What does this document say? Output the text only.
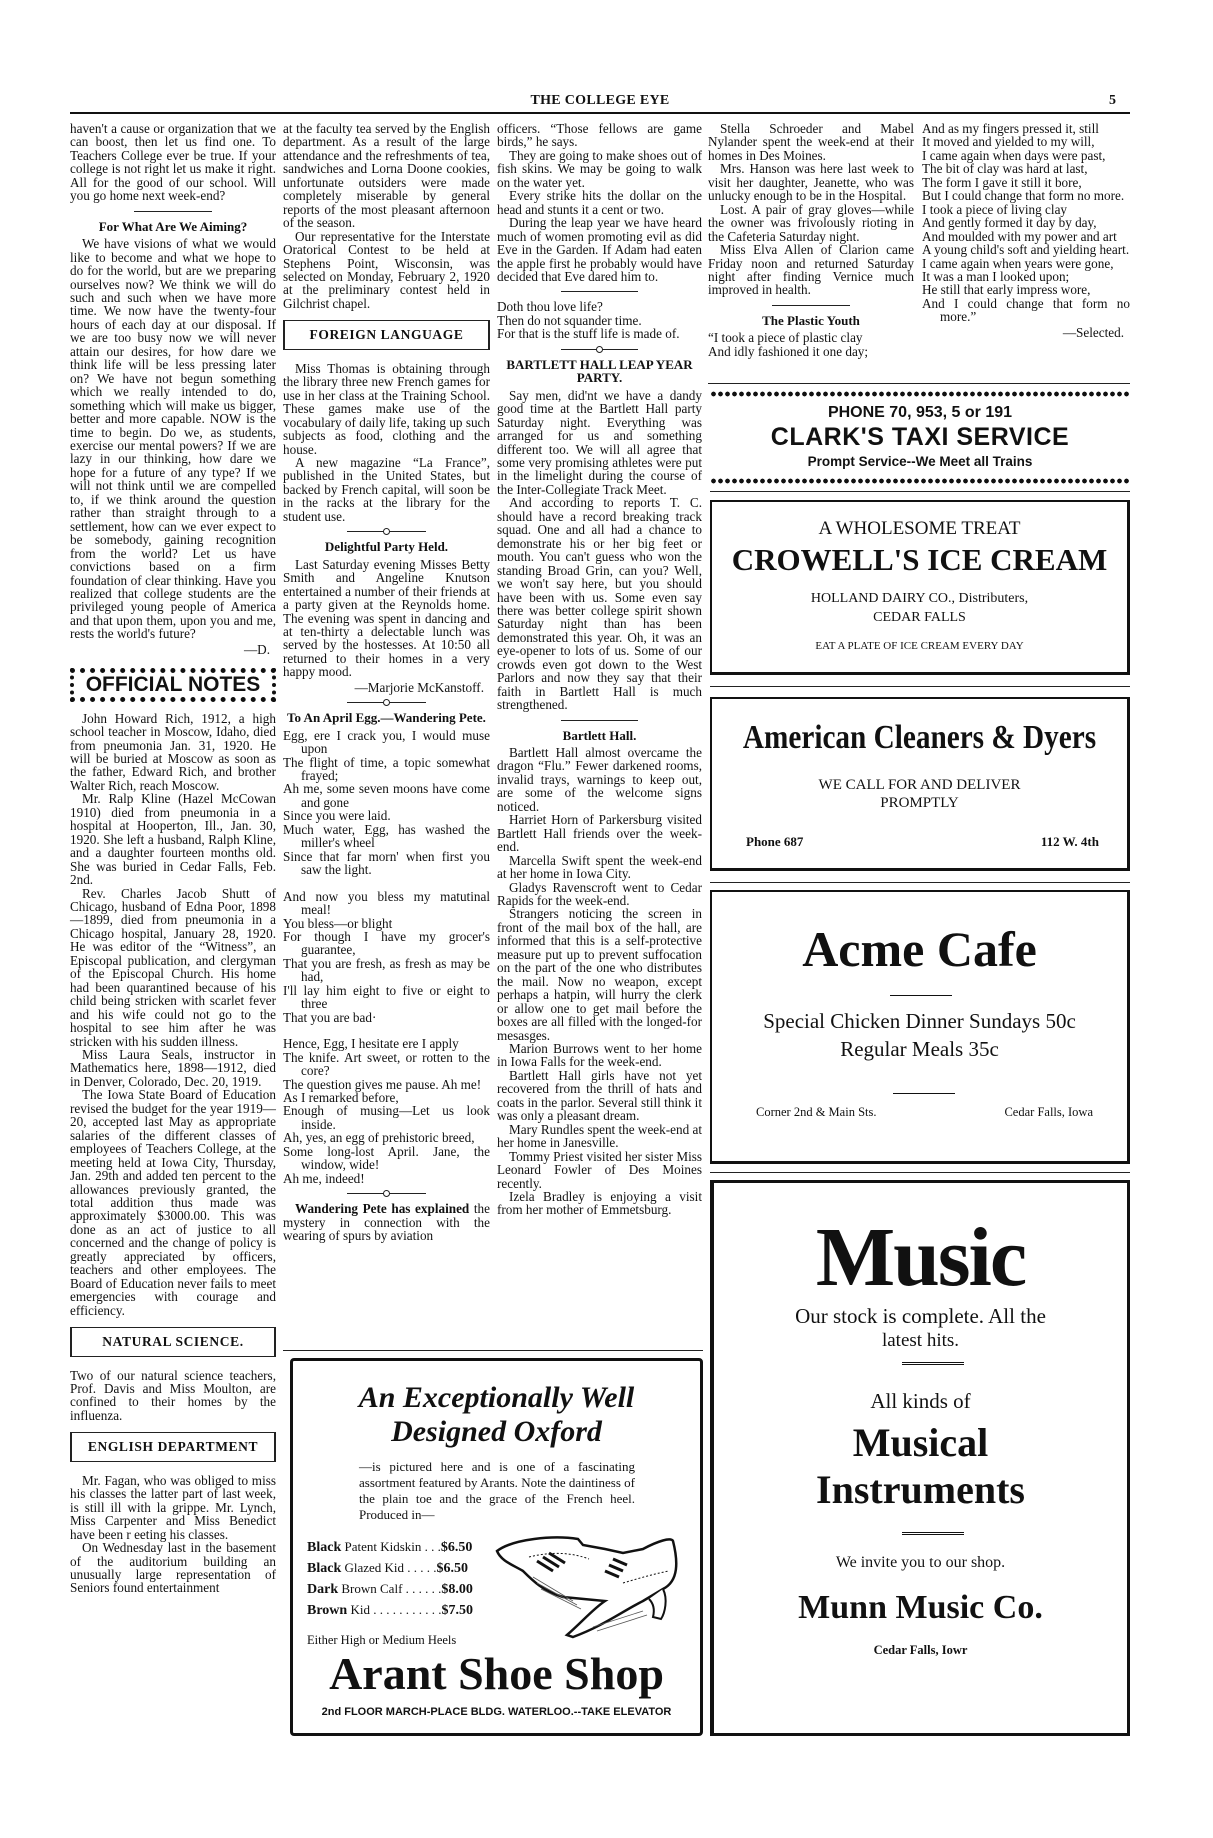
THE COLLEGE EYE	5

haven't a cause or organization that we can boost, then let us find one. To Teachers College ever be true. If your college is not right let us make it right. All for the good of our school. Will you go home next week-end?

For What Are We Aiming?

We have visions of what we would like to become and what we hope to do for the world, but are we preparing ourselves now? We think we will do such and such when we have more time. We now have the twenty-four hours of each day at our disposal. If we are too busy now we will never attain our desires, for how dare we think life will be less pressing later on? We have not begun something which we really intended to do, something which will make us bigger, better and more capable. NOW is the time to begin. Do we, as students, exercise our mental powers? If we are lazy in our thinking, how dare we hope for a future of any type? If we will not think until we are compelled to, if we think around the question rather than straight through to a settlement, how can we ever expect to be somebody, gaining recognition from the world? Let us have convictions based on a firm foundation of clear thinking. Have you realized that college students are the privileged young people of America and that upon them, upon you and me, rests the world's future?

—D.
OFFICIAL NOTES

John Howard Rich, 1912, a high school teacher in Moscow, Idaho, died from pneumonia Jan. 31, 1920. He will be buried at Moscow as soon as the father, Edward Rich, and brother Walter Rich, reach Moscow.

Mr. Ralp Kline (Hazel McCowan 1910) died from pneumonia in a hospital at Hooperton, Ill., Jan. 30, 1920. She left a husband, Ralph Kline, and a daughter fourteen months old. She was buried in Cedar Falls, Feb. 2nd.

Rev. Charles Jacob Shutt of Chicago, husband of Edna Poor, 1898—1899, died from pneumonia in a Chicago hospital, January 28, 1920. He was editor of the “Witness”, an Episcopal publication, and clergyman of the Episcopal Church. His home had been quarantined because of his child being stricken with scarlet fever and his wife could not go to the hospital to see him after he was stricken with his sudden illness.

Miss Laura Seals, instructor in Mathematics here, 1898—1912, died in Denver, Colorado, Dec. 20, 1919.

The Iowa State Board of Education revised the budget for the year 1919—20, accepted last May as appropriate salaries of the different classes of employees of Teachers College, at the meeting held at Iowa City, Thursday, Jan. 29th and added ten percent to the allowances previously granted, the total addition thus made was approximately $3000.00. This was done as an act of justice to all concerned and the change of policy is greatly appreciated by officers, teachers and other employees. The Board of Education never fails to meet emergencies with courage and efficiency.

NATURAL SCIENCE.

Two of our natural science teachers, Prof. Davis and Miss Moulton, are confined to their homes by the influenza.

ENGLISH DEPARTMENT

Mr. Fagan, who was obliged to miss his classes the latter part of last week, is still ill with la grippe. Mr. Lynch, Miss Carpenter and Miss Benedict have been r eeting his classes.

On Wednesday last in the basement of the auditorium building an unusually large representation of Seniors found entertainment

at the faculty tea served by the English department. As a result of the large attendance and the refreshments of tea, sandwiches and Lorna Doone cookies, unfortunate outsiders were made completely miserable by general reports of the most pleasant afternoon of the season.

Our representative for the Interstate Oratorical Contest to be held at Stephens Point, Wisconsin, was selected on Monday, February 2, 1920 at the preliminary contest held in Gilchrist chapel.

FOREIGN LANGUAGE

Miss Thomas is obtaining through the library three new French games for use in her class at the Training School. These games make use of the vocabulary of daily life, taking up such subjects as food, clothing and the house.

A new magazine “La France”, published in the United States, but backed by French capital, will soon be in the racks at the library for the student use.

Delightful Party Held.

Last Saturday evening Misses Betty Smith and Angeline Knutson entertained a number of their friends at a party given at the Reynolds home. The evening was spent in dancing and at ten-thirty a delectable lunch was served by the hostesses. At 10:50 all returned to their homes in a very happy mood.

—Marjorie McKanstoff.
To An April Egg.—Wandering Pete.
Egg, ere I crack you, I would muse upon
The flight of time, a topic somewhat frayed;
Ah me, some seven moons have come and gone
Since you were laid.
Much water, Egg, has washed the miller's wheel
Since that far morn' when first you saw the light.
And now you bless my matutinal meal!
You bless—or blight
For though I have my grocer's guarantee,
That you are fresh, as fresh as may be had,
I'll lay him eight to five or eight to three
That you are bad·
Hence, Egg, I hesitate ere I apply
The knife. Art sweet, or rotten to the core?
The question gives me pause. Ah me!
As I remarked before,
Enough of musing—Let us look inside.
Ah, yes, an egg of prehistoric breed,
Some long-lost April. Jane, the window, wide!
Ah me, indeed!

Wandering Pete has explained the mystery in connection with the wearing of spurs by aviation

officers. “Those fellows are game birds,” he says.

They are going to make shoes out of fish skins. We may be going to walk on the water yet.

Every strike hits the dollar on the head and stunts it a cent or two.

During the leap year we have heard much of women promoting evil as did Eve in the Garden. If Adam had eaten the apple first he probably would have decided that Eve dared him to.

Doth thou love life?
Then do not squander time.
For that is the stuff life is made of.
BARTLETT HALL LEAP YEAR PARTY.

Say men, did'nt we have a dandy good time at the Bartlett Hall party Saturday night. Everything was arranged for us and something different too. We will all agree that some very promising athletes were put in the limelight during the course of the Inter-Collegiate Track Meet.

And according to reports T. C. should have a record breaking track squad. One and all had a chance to demonstrate his or her big feet or mouth. You can't guess who won the standing Broad Grin, can you? Well, we won't say here, but you should have been with us. Some even say there was better college spirit shown Saturday night than has been demonstrated this year. Oh, it was an eye-opener to lots of us. Some of our crowds even got down to the West Parlors and now they say that their faith in Bartlett Hall is much strengthened.

Bartlett Hall.

Bartlett Hall almost overcame the dragon “Flu.” Fewer darkened rooms, invalid trays, warnings to keep out, are some of the welcome signs noticed.

Harriet Horn of Parkersburg visited Bartlett Hall friends over the week-end.

Marcella Swift spent the week-end at her home in Iowa City.

Gladys Ravenscroft went to Cedar Rapids for the week-end.

Strangers noticing the screen in front of the mail box of the hall, are informed that this is a self-protective measure put up to prevent suffocation on the part of the one who distributes the mail. Now no weapon, except perhaps a hatpin, will hurry the clerk or allow one to get mail before the boxes are all filled with the longed-for mesasges.

Marion Burrows went to her home in Iowa Falls for the week-end.

Bartlett Hall girls have not yet recovered from the thrill of hats and coats in the parlor. Several still think it was only a pleasant dream.

Mary Rundles spent the week-end at her home in Janesville.

Tommy Priest visited her sister Miss Leonard Fowler of Des Moines recently.

Izela Bradley is enjoying a visit from her mother of Emmetsburg.

Stella Schroeder and Mabel Nylander spent the week-end at their homes in Des Moines.

Mrs. Hanson was here last week to visit her daughter, Jeanette, who was unlucky enough to be in the Hospital.

Lost. A pair of gray gloves—while the owner was frivolously rioting in the Cafeteria Saturday night.

Miss Elva Allen of Clarion came Friday noon and returned Saturday night after finding Vernice much improved in health.

The Plastic Youth
“I took a piece of plastic clay
And idly fashioned it one day;
And as my fingers pressed it, still
It moved and yielded to my will,
I came again when days were past,
The bit of clay was hard at last,
The form I gave it still it bore,
But I could change that form no more.
I took a piece of living clay
And gently formed it day by day,
And moulded with my power and art
A young child's soft and yielding heart.
I came again when years were gone,
It was a man I looked upon;
He still that early impress wore,
And I could change that form no more.”
—Selected.
PHONE 70, 953, 5 or 191
CLARK'S TAXI SERVICE
Prompt Service--We Meet all Trains
A WHOLESOME TREAT
CROWELL'S ICE CREAM
HOLLAND DAIRY CO., Distributers,
CEDAR FALLS
EAT A PLATE OF ICE CREAM EVERY DAY
American Cleaners & Dyers
WE CALL FOR AND DELIVER
PROMPTLY
Phone 687	112 W. 4th
Acme Cafe
Special Chicken Dinner Sundays 50c
Regular Meals 35c
Corner 2nd & Main Sts.	Cedar Falls, Iowa
Music
Our stock is complete. All the
latest hits.
All kinds of
Musical
Instruments
We invite you to our shop.
Munn Music Co.
Cedar Falls, Iowr
An Exceptionally Well
Designed Oxford
—is pictured here and is one of a fascinating assortment featured by Arants. Note the daintiness of the plain toe and the grace of the French heel. Produced in—
Black Patent Kidskin . . .$6.50
Black Glazed Kid . . . . .$6.50
Dark Brown Calf . . . . . .$8.00
Brown Kid . . . . . . . . . . .$7.50
Either High or Medium Heels
Arant Shoe Shop
2nd FLOOR MARCH-PLACE BLDG. WATERLOO.--TAKE ELEVATOR
